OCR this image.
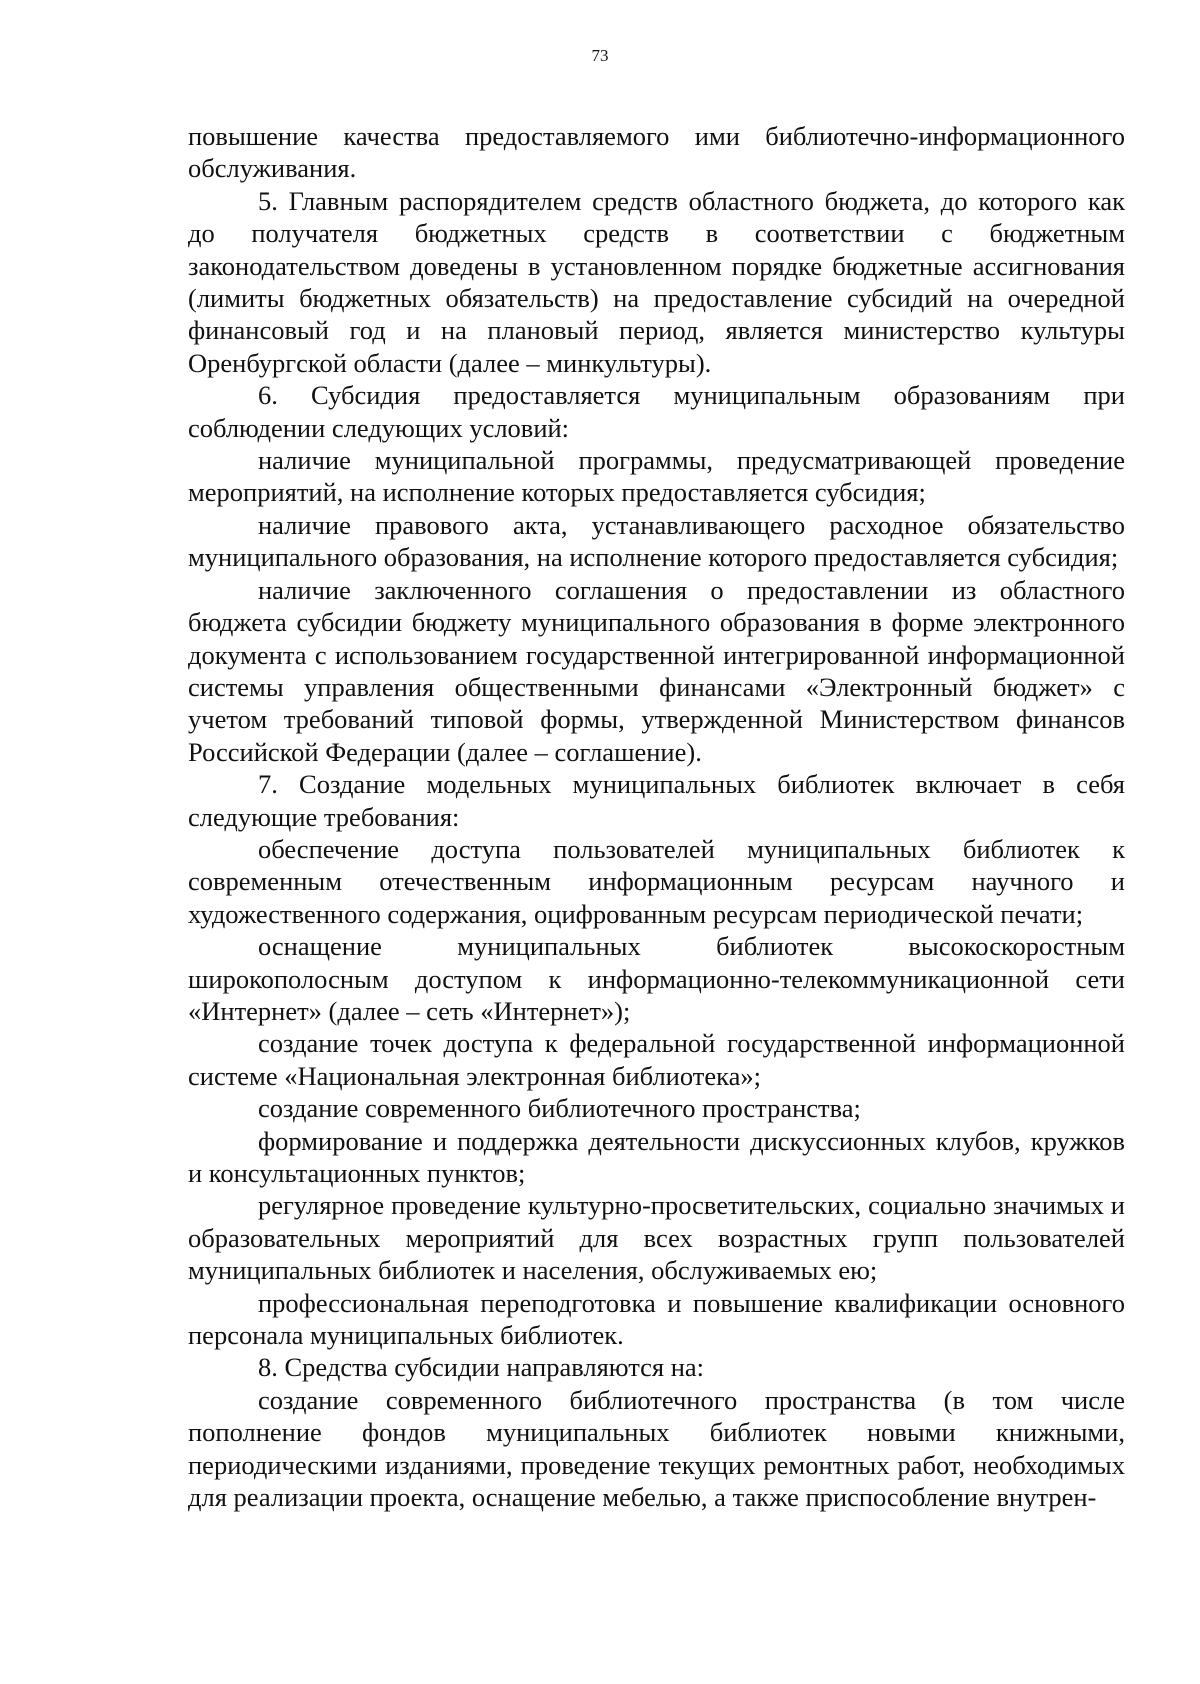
73

повышение качества предоставляемого ими библиотечно-информационного обслуживания.

5. Главным распорядителем средств областного бюджета, до которого как до получателя бюджетных средств в соответствии с бюджетным законодательством доведены в установленном порядке бюджетные ассигнования (лимиты бюджетных обязательств) на предоставление субсидий на очередной финансовый год и на плановый период, является министерство культуры Оренбургской области (далее – минкультуры).

6. Субсидия предоставляется муниципальным образованиям при соблюдении следующих условий:

наличие муниципальной программы, предусматривающей проведение мероприятий, на исполнение которых предоставляется субсидия;

наличие правового акта, устанавливающего расходное обязательство муниципального образования, на исполнение которого предоставляется субсидия;

наличие заключенного соглашения о предоставлении из областного бюджета субсидии бюджету муниципального образования в форме электронного документа с использованием государственной интегрированной информационной системы управления общественными финансами «Электронный бюджет» с учетом требований типовой формы, утвержденной Министерством финансов Российской Федерации (далее – соглашение).

7. Создание модельных муниципальных библиотек включает в себя следующие требования:

обеспечение доступа пользователей муниципальных библиотек к современным отечественным информационным ресурсам научного и художественного содержания, оцифрованным ресурсам периодической печати;

оснащение муниципальных библиотек высокоскоростным широкополосным доступом к информационно-телекоммуникационной сети «Интернет» (далее – сеть «Интернет»);

создание точек доступа к федеральной государственной информационной системе «Национальная электронная библиотека»;

создание современного библиотечного пространства;

формирование и поддержка деятельности дискуссионных клубов, кружков и консультационных пунктов;

регулярное проведение культурно-просветительских, социально значимых и образовательных мероприятий для всех возрастных групп пользователей муниципальных библиотек и населения, обслуживаемых ею;

профессиональная переподготовка и повышение квалификации основного персонала муниципальных библиотек.

8. Средства субсидии направляются на:

создание современного библиотечного пространства (в том числе пополнение фондов муниципальных библиотек новыми книжными, периодическими изданиями, проведение текущих ремонтных работ, необходимых для реализации проекта, оснащение мебелью, а также приспособление внутрен-
